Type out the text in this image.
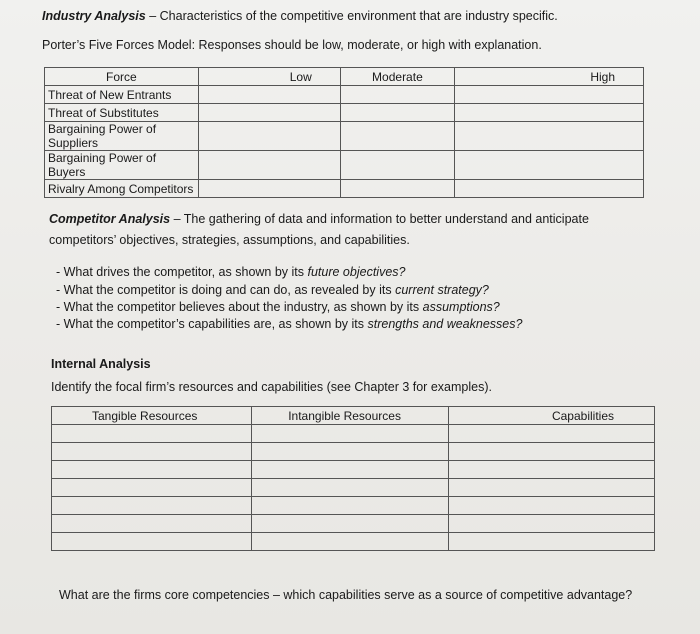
Industry Analysis – Characteristics of the competitive environment that are industry specific.
Porter’s Five Forces Model: Responses should be low, moderate, or high with explanation.
Force	Low	Moderate	High
Threat of New Entrants			
Threat of Substitutes			
Bargaining Power of Suppliers			
Bargaining Power of Buyers			
Rivalry Among Competitors			
Competitor Analysis – The gathering of data and information to better understand and anticipate
competitors’ objectives, strategies, assumptions, and capabilities.
- What drives the competitor, as shown by its future objectives?
- What the competitor is doing and can do, as revealed by its current strategy?
- What the competitor believes about the industry, as shown by its assumptions?
- What the competitor’s capabilities are, as shown by its strengths and weaknesses?
Internal Analysis
Identify the focal firm’s resources and capabilities (see Chapter 3 for examples).
Tangible Resources	Intangible Resources	Capabilities

What are the firms core competencies – which capabilities serve as a source of competitive advantage?
